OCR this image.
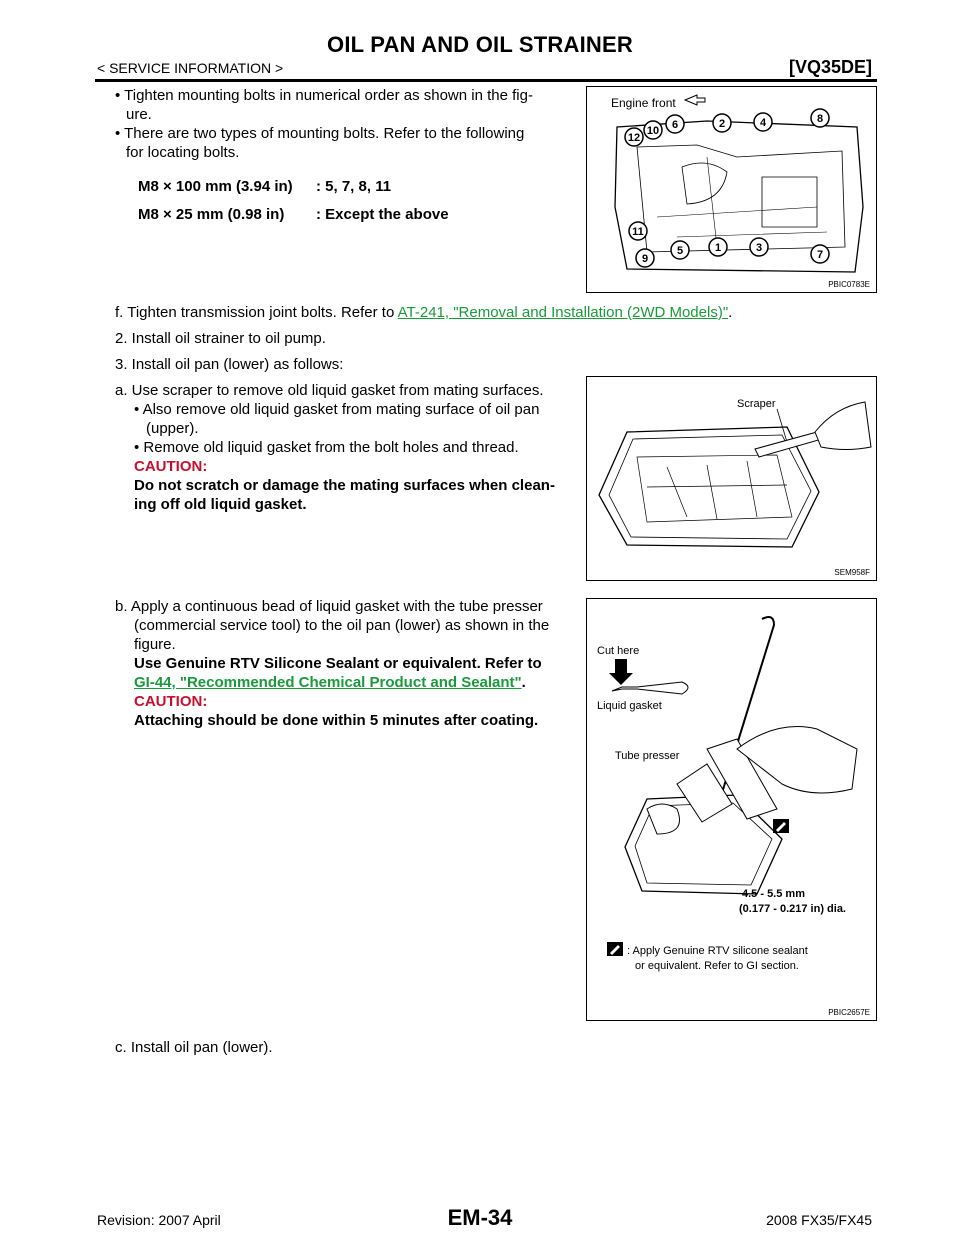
OIL PAN AND OIL STRAINER
< SERVICE INFORMATION >	[VQ35DE]
• Tighten mounting bolts in numerical order as shown in the fig-
ure.
• There are two types of mounting bolts. Refer to the following
for locating bolts.
M8 × 100 mm (3.94 in)	: 5, 7, 8, 11
M8 × 25 mm (0.98 in)	: Except the above
Engine front
12
10 6	2	4	8
11
9
5	1	3
7
PBIC0783E
f. Tighten transmission joint bolts. Refer to AT-241, "Removal and Installation (2WD Models)".
2. Install oil strainer to oil pump.
3. Install oil pan (lower) as follows:
a. Use scraper to remove old liquid gasket from mating surfaces.
• Also remove old liquid gasket from mating surface of oil pan
(upper).
• Remove old liquid gasket from the bolt holes and thread.
CAUTION:
Do not scratch or damage the mating surfaces when clean-
ing off old liquid gasket.
Scraper
SEM958F
b. Apply a continuous bead of liquid gasket with the tube presser
(commercial service tool) to the oil pan (lower) as shown in the
figure.
Use Genuine RTV Silicone Sealant or equivalent. Refer to
GI-44, "Recommended Chemical Product and Sealant".
CAUTION:
Attaching should be done within 5 minutes after coating.
Cut here
Liquid gasket
Tube presser
4.5 - 5.5 mm
(0.177 - 0.217 in) dia.
: Apply Genuine RTV silicone sealant
or equivalent. Refer to GI section.
PBIC2657E
c. Install oil pan (lower).
Revision: 2007 April	EM-34	2008 FX35/FX45
